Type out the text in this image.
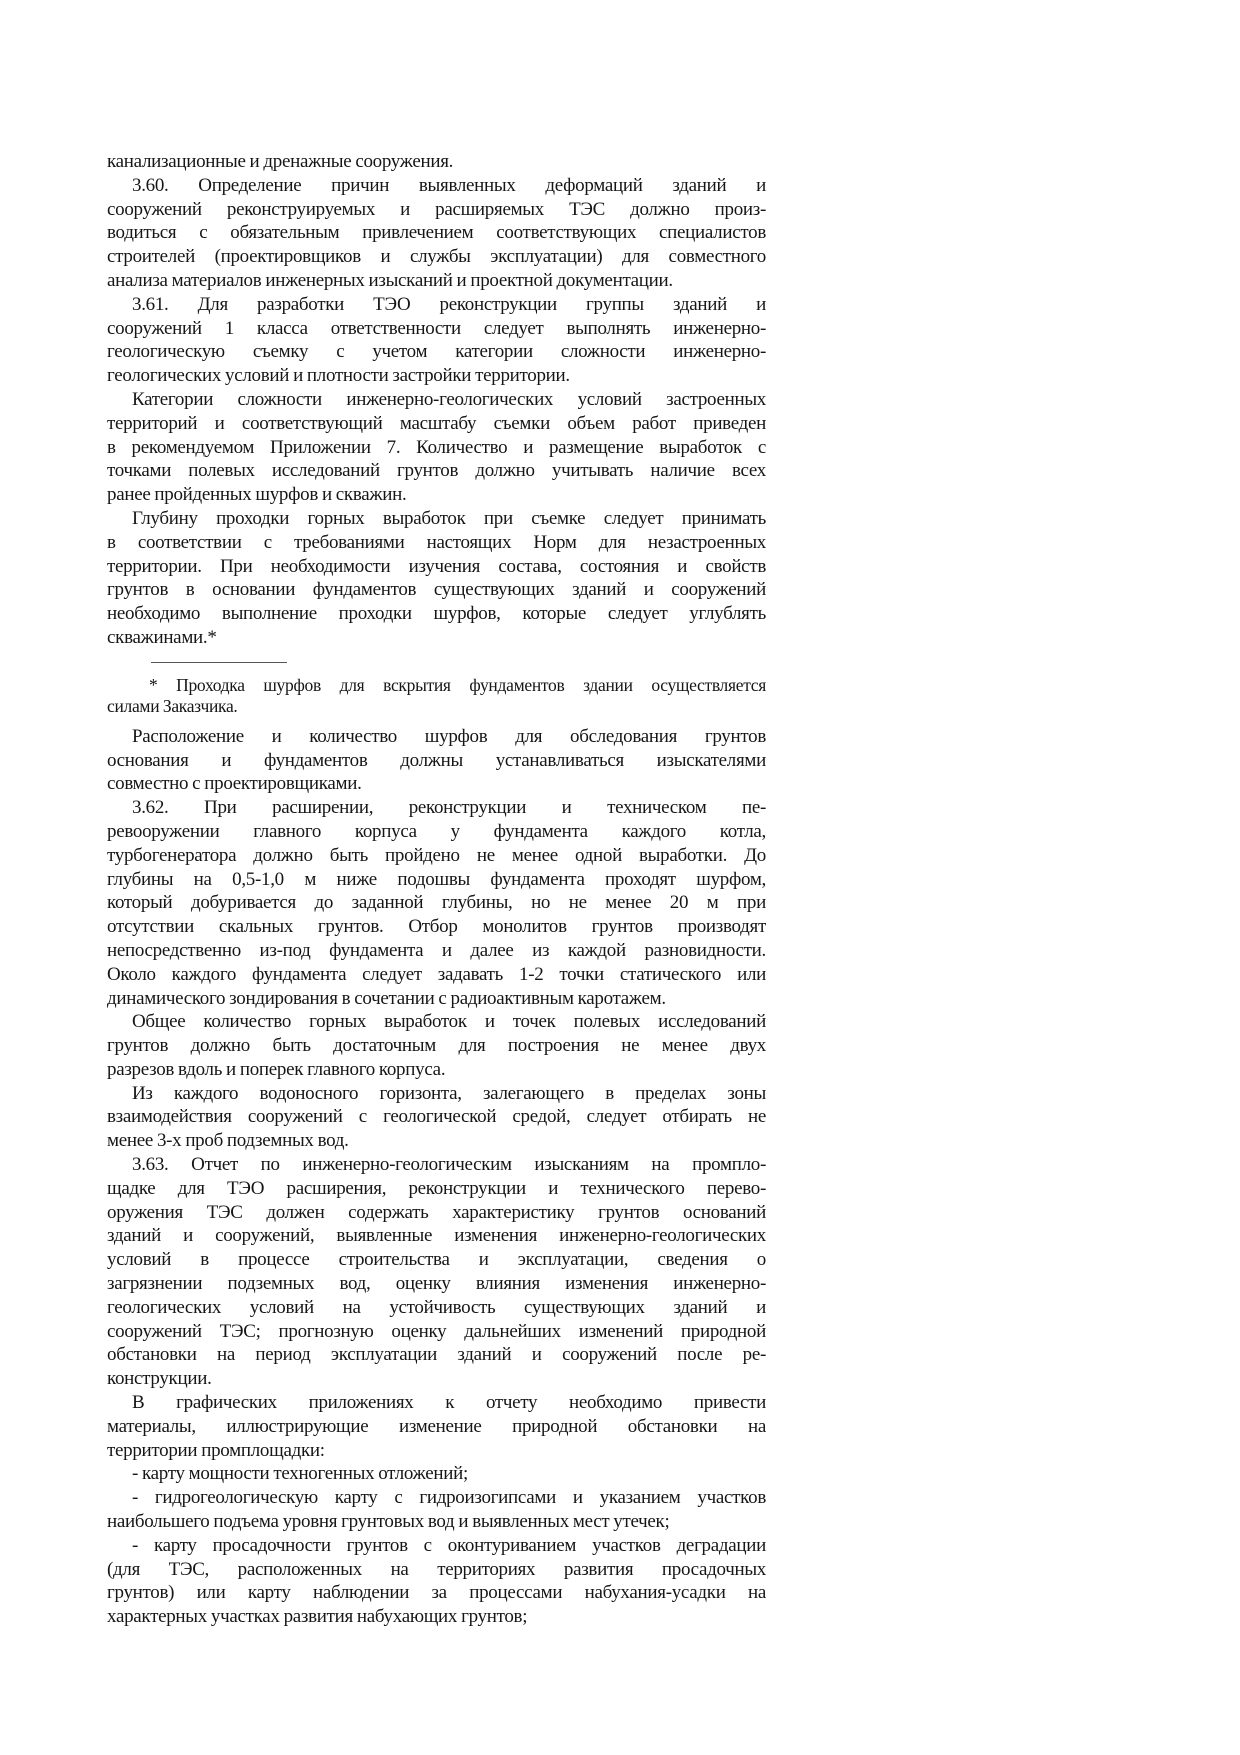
канализационные и дренажные сооружения.
3.60. Определение причин выявленных деформаций зданий и
сооружений реконструируемых и расширяемых ТЭС должно произ-
водиться с обязательным привлечением соответствующих специалистов
строителей (проектировщиков и службы эксплуатации) для совместного
анализа материалов инженерных изысканий и проектной документации.
3.61. Для разработки ТЭО реконструкции группы зданий и
сооружений 1 класса ответственности следует выполнять инженерно-
геологическую съемку с учетом категории сложности инженерно-
геологических условий и плотности застройки территории.
Категории сложности инженерно-геологических условий застроенных
территорий и соответствующий масштабу съемки объем работ приведен
в рекомендуемом Приложении 7. Количество и размещение выработок с
точками полевых исследований грунтов должно учитывать наличие всех
ранее пройденных шурфов и скважин.
Глубину проходки горных выработок при съемке следует принимать
в соответствии с требованиями настоящих Норм для незастроенных
территории. При необходимости изучения состава, состояния и свойств
грунтов в основании фундаментов существующих зданий и сооружений
необходимо выполнение проходки шурфов, которые следует углублять
скважинами.*
* Проходка шурфов для вскрытия фундаментов здании осуществляется
силами Заказчика.
Расположение и количество шурфов для обследования грунтов
основания и фундаментов должны устанавливаться изыскателями
совместно с проектировщиками.
3.62. При расширении, реконструкции и техническом пе-
ревооружении главного корпуса у фундамента каждого котла,
турбогенератора должно быть пройдено не менее одной выработки. До
глубины на 0,5-1,0 м ниже подошвы фундамента проходят шурфом,
который добуривается до заданной глубины, но не менее 20 м при
отсутствии скальных грунтов. Отбор монолитов грунтов производят
непосредственно из-под фундамента и далее из каждой разновидности.
Около каждого фундамента следует задавать 1-2 точки статического или
динамического зондирования в сочетании с радиоактивным каротажем.
Общее количество горных выработок и точек полевых исследований
грунтов должно быть достаточным для построения не менее двух
разрезов вдоль и поперек главного корпуса.
Из каждого водоносного горизонта, залегающего в пределах зоны
взаимодействия сооружений с геологической средой, следует отбирать не
менее 3-х проб подземных вод.
3.63. Отчет по инженерно-геологическим изысканиям на промпло-
щадке для ТЭО расширения, реконструкции и технического перево-
оружения ТЭС должен содержать характеристику грунтов оснований
зданий и сооружений, выявленные изменения инженерно-геологических
условий в процессе строительства и эксплуатации, сведения о
загрязнении подземных вод, оценку влияния изменения инженерно-
геологических условий на устойчивость существующих зданий и
сооружений ТЭС; прогнозную оценку дальнейших изменений природной
обстановки на период эксплуатации зданий и сооружений после ре-
конструкции.
В графических приложениях к отчету необходимо привести
материалы, иллюстрирующие изменение природной обстановки на
территории промплощадки:
- карту мощности техногенных отложений;
- гидрогеологическую карту с гидроизогипсами и указанием участков
наибольшего подъема уровня грунтовых вод и выявленных мест утечек;
- карту просадочности грунтов с оконтуриванием участков деградации
(для ТЭС, расположенных на территориях развития просадочных
грунтов) или карту наблюдении за процессами набухания-усадки на
характерных участках развития набухающих грунтов;
